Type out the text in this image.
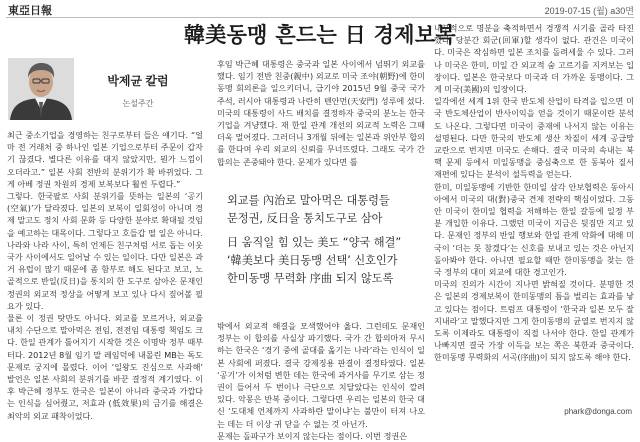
東亞日報	2019-07-15 (월) a30면
韓美동맹 흔드는 日 경제보복
박제균 칼럼
논설주간

최근 중소기업을 경영하는 친구로부터 들은 얘기다. “얼마 전 거래처 중 하나인 일본 기업으로부터 주문이 갑자기 끊겼다. 별다른 이유를 대지 않았지만, 뭔가 느낌이 오더라고.” 일본 사회 전반의 분위기가 확 바뀌었다. 그게 아베 정권 차원의 경제 보복보다 훨씬 두렵다.”

그렇다. 한국팔로 사회 분위기를 뜻하는 일본의 ‘공기(空氣)’가 달라졌다. 일본의 보복이 일회성이 아니며 경제 말고도 정치 사회 문화 등 다양한 분야로 확대될 것임을 예고하는 대목이다. 그렇다고 호들갑 떨 일은 아니다. 나라와 나라 사이, 특히 언제든 친구처럼 서로 돕는 이웃 국가 사이에서도 일어날 수 있는 일이다. 다만 일본은 과거 유럽이 많기 때문에 좀 함부로 해도 된다고 보고, 노골적으로 반일(反日)을 통치의 한 도구로 삼아온 문재인 정권의 외교적 정상을 어떻게 보고 있나 다시 짚어볼 필요가 있다.

물론 이 정권 탓만도 아니다. 외교를 모르거나, 외교를 내치 수단으로 말아먹은 전임, 전전임 대통령 책임도 크다. 한일 관계가 틀어지기 시작한 것은 이명박 정부 때부터다. 2012년 8월 임기 말 레임덕에 내몰린 MB는 독도 문제로 궁지에 몰렸다. 이어 ‘일왕도 진심으로 사과해’ 발언은 일본 사회의 분위기를 바꾼 결정적 계기였다. 이후 박근혜 정부도 한국은 일본이 아니라 중국과 가깝다는 인식을 심어줬고, 저효과 (低效果)의 금기를 해결은 최악의 외교 패착이었다.

후임 박근혜 대통령은 중국과 일본 사이에서 넘뛰기 외교를 했다. 임기 전반 친중(親中) 외교로 미국 조야(朝野)에 한미동맹 회의론을 일으키더니, 급기야 2015년 9월 중국 국가주석, 러시아 대통령과 나란히 톈안먼(天安門) 성루에 섰다. 미국의 대통령이 사드 배치를 결정하자 중국의 분노는 한국 기업을 겨냥했다. 재 한일 관계 개선의 외교적 노력은 그때 더욱 멀어졌다. 그러더니 3개월 뒤에는 일본과 위안부 합의를 한다며 우리 외교의 신뢰를 무너뜨렸다. 그래도 국가 간 합의는 존중돼야 한다. 문제가 있다면 틀

외교를 內治로 말아먹은 대통령들
문정권, 反日을 통치도구로 삼아
日 움직일 힘 있는 美도 “양국 해결”
‘韓美보다 美日동맹 선택’ 신호인가
한미동맹 무력화 序曲 되지 않도록

밖에서 외교적 해결을 모색했어야 옳다. 그런데도 문재인 정부는 이 합의를 사실상 파기했다. 국가 간 합의마저 무시하는 한국은 ‘경기 중에 골대를 옮기는 나라’라는 인식이 일본 사회에 퍼졌다. 결국 강제징용 판결이 결정타였다. 일본 ‘공기’가 이처럼 변한 데는 한국에 과거사를 무기로 삼는 정권이 들어서 두 번이나 극단으로 치달았다는 인식이 깔려 있다. 악몽은 반복 중이다. 그렇다면 우리는 일본의 한국 대신 ‘도대체 언제까지 사과하란 말이냐’는 불만이 터져 나오는 데는 더 이상 귀 닫을 수 없는 것 아닌가.

문제는 돌파구가 보이지 않는다는 점이다. 이번 정권은

내부적으로 명분을 축적하면서 경쟁적 시기를 골라 타진했다. 당분간 회군(回軍)할 생각이 없다. 관건은 미국이다. 미국은 작심하면 일본 조치를 돌려세울 수 있다. 그러나 미국은 한미, 미일 간 외교적 숨 고르기를 지켜보는 입장이다. 일본은 한국보다 미국과 더 가까운 동맹이다. 그게 미국(美國)의 입장이다.

일각에선 세계 1위 한국 반도체 산업이 타격을 입으면 미국 반도체산업이 반사이익을 얻을 것이기 때문이란 분석도 나온다. 그렇다면 미국이 중재에 나서지 않는 이유는 설명된다. 다만 한국의 반도체 생산 차질이 세계 공급망 교란으로 번지면 미국도 손해다. 결국 미국의 속내는 북핵 문제 등에서 미일동맹을 중심축으로 한 동북아 질서 재편에 있다는 분석이 설득력을 얻는다.

한미, 미일동맹에 기반한 한미일 삼각 안보협력은 동아시아에서 미국의 대(對)중국 견제 전략의 핵심이었다. 그동안 미국이 한미일 협력을 저해하는 한일 갈등에 일정 부분 개입한 이유다. 그랬던 미국이 지금은 뒷짐만 지고 있다. 문재인 정부의 반일 행보와 한일 관계 악화에 대해 미국이 ‘더는 못 참겠다’는 신호를 보내고 있는 것은 아닌지 돌아봐야 한다. 아니면 필요할 때만 한미동맹을 찾는 한국 정부의 대미 외교에 대한 경고인가.

미국의 진의가 시간이 지나면 밝혀질 것이다. 분명한 것은 일본의 경제보복이 한미동맹의 틈을 벌리는 효과를 낳고 있다는 점이다. 트럼프 대통령이 ‘한국과 일본 모두 잘 지내라’고 말했다지만 그게 한미동맹의 균열로 번지지 않도록 이제라도 대통령이 직접 나서야 한다. 한일 관계가 나빠지면 결국 가장 이득을 보는 쪽은 북한과 중국이다. 한미동맹 무력화의 서곡(序曲)이 되지 않도록 해야 한다.

phark@donga.com
